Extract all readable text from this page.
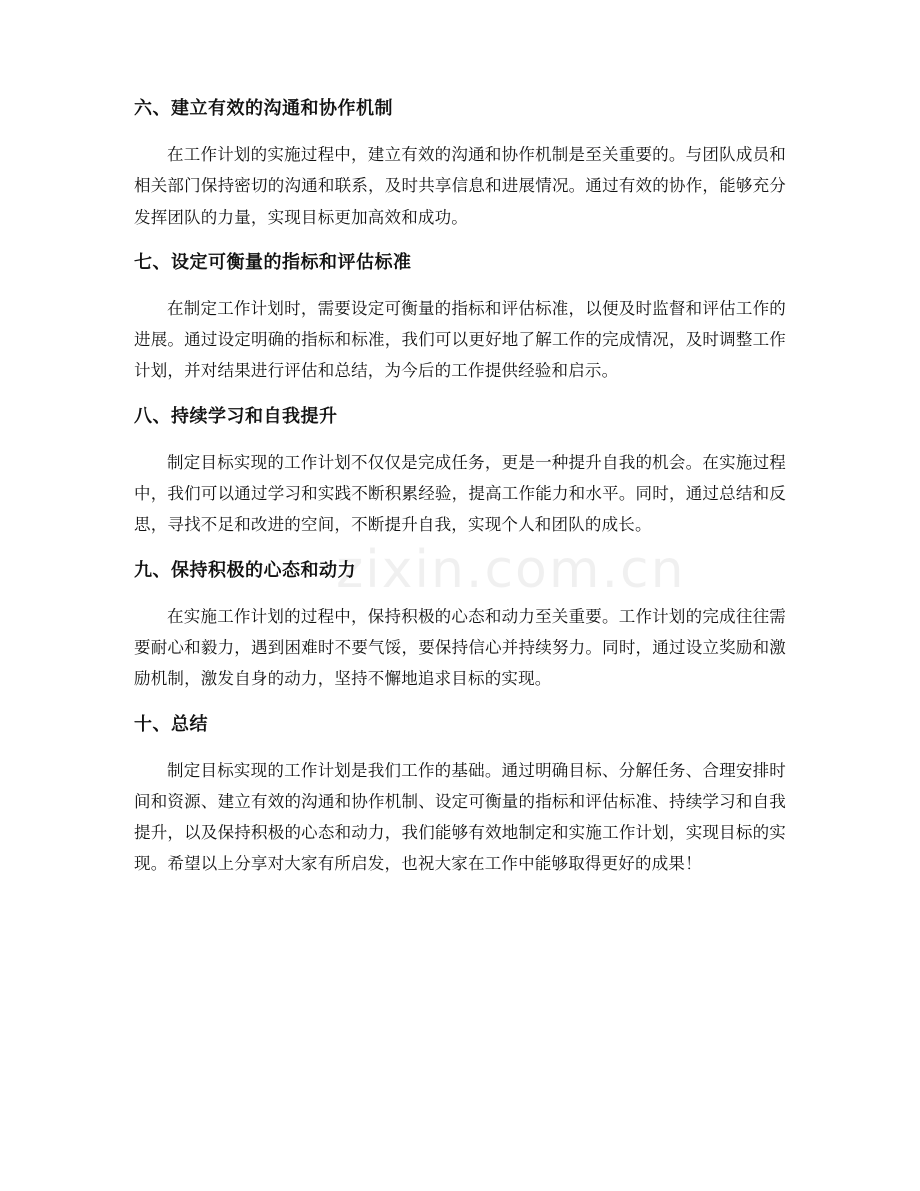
六、建立有效的沟通和协作机制

在工作计划的实施过程中，建立有效的沟通和协作机制是至关重要的。与团队成员和相关部门保持密切的沟通和联系，及时共享信息和进展情况。通过有效的协作，能够充分发挥团队的力量，实现目标更加高效和成功。

七、设定可衡量的指标和评估标准

在制定工作计划时，需要设定可衡量的指标和评估标准，以便及时监督和评估工作的进展。通过设定明确的指标和标准，我们可以更好地了解工作的完成情况，及时调整工作计划，并对结果进行评估和总结，为今后的工作提供经验和启示。

八、持续学习和自我提升

制定目标实现的工作计划不仅仅是完成任务，更是一种提升自我的机会。在实施过程中，我们可以通过学习和实践不断积累经验，提高工作能力和水平。同时，通过总结和反思，寻找不足和改进的空间，不断提升自我，实现个人和团队的成长。

九、保持积极的心态和动力

在实施工作计划的过程中，保持积极的心态和动力至关重要。工作计划的完成往往需要耐心和毅力，遇到困难时不要气馁，要保持信心并持续努力。同时，通过设立奖励和激励机制，激发自身的动力，坚持不懈地追求目标的实现。

十、总结

制定目标实现的工作计划是我们工作的基础。通过明确目标、分解任务、合理安排时间和资源、建立有效的沟通和协作机制、设定可衡量的指标和评估标准、持续学习和自我提升，以及保持积极的心态和动力，我们能够有效地制定和实施工作计划，实现目标的实现。希望以上分享对大家有所启发，也祝大家在工作中能够取得更好的成果！

zixin.com.cn
